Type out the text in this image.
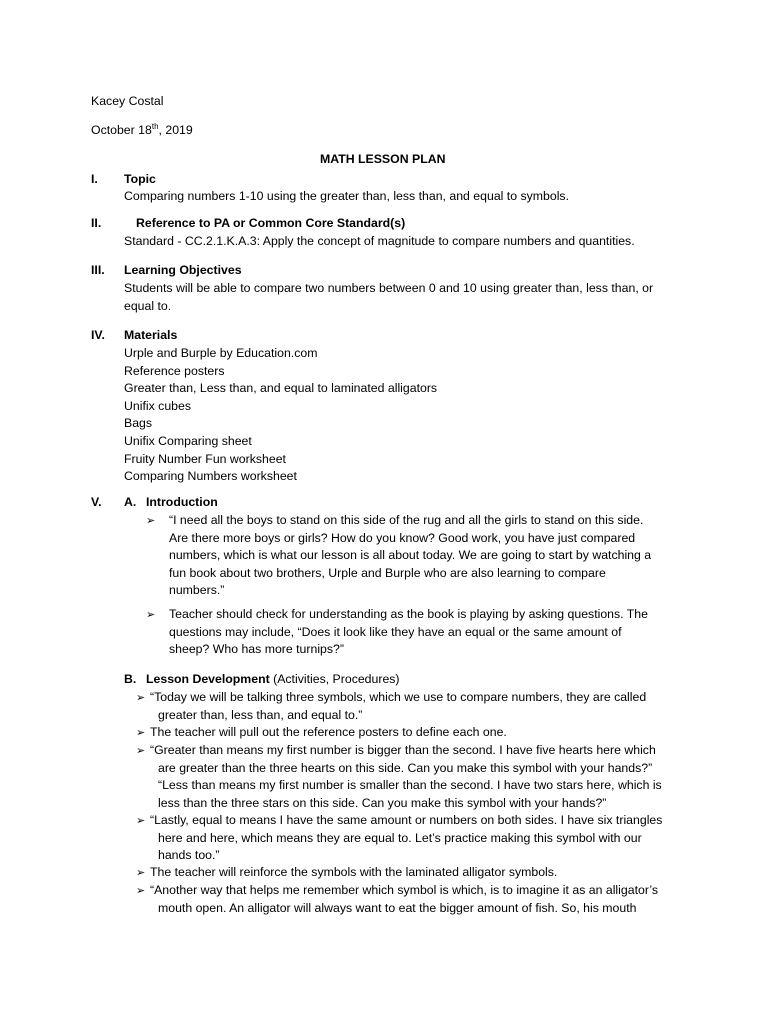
Kacey Costal
October 18th, 2019
MATH LESSON PLAN
I. Topic
Comparing numbers 1-10 using the greater than, less than, and equal to symbols.
II.	Reference to PA or Common Core Standard(s)
Standard - CC.2.1.K.A.3: Apply the concept of magnitude to compare numbers and quantities.
III. Learning Objectives
Students will be able to compare two numbers between 0 and 10 using greater than, less than, or
equal to.
IV. Materials
Urple and Burple by Education.com
Reference posters
Greater than, Less than, and equal to laminated alligators
Unifix cubes
Bags
Unifix Comparing sheet
Fruity Number Fun worksheet
Comparing Numbers worksheet
V. A. Introduction
➢ “I need all the boys to stand on this side of the rug and all the girls to stand on this side.
Are there more boys or girls? How do you know? Good work, you have just compared
numbers, which is what our lesson is all about today. We are going to start by watching a
fun book about two brothers, Urple and Burple who are also learning to compare
numbers.”
➢ Teacher should check for understanding as the book is playing by asking questions. The
questions may include, “Does it look like they have an equal or the same amount of
sheep? Who has more turnips?”
B. Lesson Development (Activities, Procedures)
➢ “Today we will be talking three symbols, which we use to compare numbers, they are called
greater than, less than, and equal to.”
➢ The teacher will pull out the reference posters to define each one.
➢ “Greater than means my first number is bigger than the second. I have five hearts here which
are greater than the three hearts on this side. Can you make this symbol with your hands?”
“Less than means my first number is smaller than the second. I have two stars here, which is
less than the three stars on this side. Can you make this symbol with your hands?”
➢ “Lastly, equal to means I have the same amount or numbers on both sides. I have six triangles
here and here, which means they are equal to. Let’s practice making this symbol with our
hands too.”
➢ The teacher will reinforce the symbols with the laminated alligator symbols.
➢ “Another way that helps me remember which symbol is which, is to imagine it as an alligator’s
mouth open. An alligator will always want to eat the bigger amount of fish. So, his mouth
